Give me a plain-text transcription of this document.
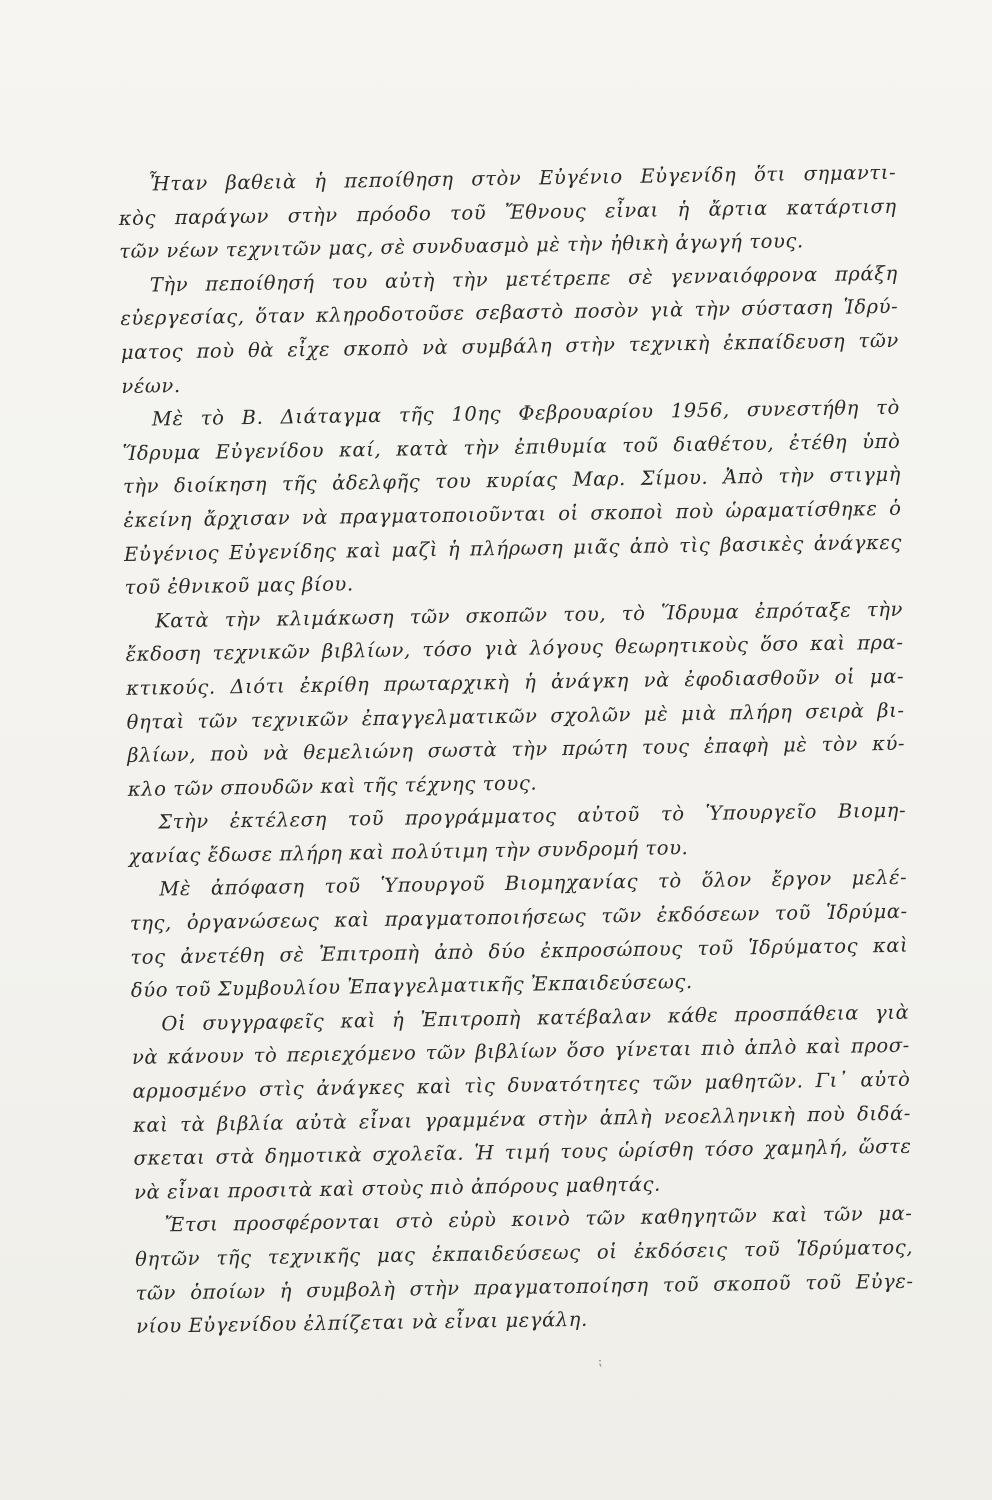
Ἦταν βαθειὰ ἡ πεποίθηση στὸν Εὐγένιο Εὐγενίδη ὅτι σημαντι-
κὸς παράγων στὴν πρόοδο τοῦ Ἔθνους εἶναι ἡ ἄρτια κατάρτιση
τῶν νέων τεχνιτῶν μας, σὲ συνδυασμὸ μὲ τὴν ἠθικὴ ἀγωγή τους.
Τὴν πεποίθησή του αὐτὴ τὴν μετέτρεπε σὲ γενναιόφρονα πράξη
εὐεργεσίας, ὅταν κληροδοτοῦσε σεβαστὸ ποσὸν γιὰ τὴν σύσταση Ἱδρύ-
ματος ποὺ θὰ εἶχε σκοπὸ νὰ συμβάλη στὴν τεχνικὴ ἐκπαίδευση τῶν
νέων.
Μὲ τὸ Β. Διάταγμα τῆς 10ης Φεβρουαρίου 1956, συνεστήθη τὸ
Ἵδρυμα Εὐγενίδου καί, κατὰ τὴν ἐπιθυμία τοῦ διαθέτου, ἐτέθη ὑπὸ
τὴν διοίκηση τῆς ἀδελφῆς του κυρίας Μαρ. Σίμου. Ἀπὸ τὴν στιγμὴ
ἐκείνη ἄρχισαν νὰ πραγματοποιοῦνται οἱ σκοποὶ ποὺ ὡραματίσθηκε ὁ
Εὐγένιος Εὐγενίδης καὶ μαζὶ ἡ πλήρωση μιᾶς ἀπὸ τὶς βασικὲς ἀνάγκες
τοῦ ἐθνικοῦ μας βίου.
Κατὰ τὴν κλιμάκωση τῶν σκοπῶν του, τὸ Ἵδρυμα ἐπρόταξε τὴν
ἔκδοση τεχνικῶν βιβλίων, τόσο γιὰ λόγους θεωρητικοὺς ὅσο καὶ πρα-
κτικούς. Διότι ἐκρίθη πρωταρχικὴ ἡ ἀνάγκη νὰ ἐφοδιασθοῦν οἱ μα-
θηταὶ τῶν τεχνικῶν ἐπαγγελματικῶν σχολῶν μὲ μιὰ πλήρη σειρὰ βι-
βλίων, ποὺ νὰ θεμελιώνη σωστὰ τὴν πρώτη τους ἐπαφὴ μὲ τὸν κύ-
κλο τῶν σπουδῶν καὶ τῆς τέχνης τους.
Στὴν ἐκτέλεση τοῦ προγράμματος αὐτοῦ τὸ Ὑπουργεῖο Βιομη-
χανίας ἔδωσε πλήρη καὶ πολύτιμη τὴν συνδρομή του.
Μὲ ἀπόφαση τοῦ Ὑπουργοῦ Βιομηχανίας τὸ ὅλον ἔργον μελέ-
της, ὀργανώσεως καὶ πραγματοποιήσεως τῶν ἐκδόσεων τοῦ Ἱδρύμα-
τος ἀνετέθη σὲ Ἐπιτροπὴ ἀπὸ δύο ἐκπροσώπους τοῦ Ἱδρύματος καὶ
δύο τοῦ Συμβουλίου Ἐπαγγελματικῆς Ἐκπαιδεύσεως.
Οἱ συγγραφεῖς καὶ ἡ Ἐπιτροπὴ κατέβαλαν κάθε προσπάθεια γιὰ
νὰ κάνουν τὸ περιεχόμενο τῶν βιβλίων ὅσο γίνεται πιὸ ἁπλὸ καὶ προσ-
αρμοσμένο στὶς ἀνάγκες καὶ τὶς δυνατότητες τῶν μαθητῶν. Γι᾽ αὐτὸ
καὶ τὰ βιβλία αὐτὰ εἶναι γραμμένα στὴν ἁπλὴ νεοελληνικὴ ποὺ διδά-
σκεται στὰ δημοτικὰ σχολεῖα. Ἡ τιμή τους ὡρίσθη τόσο χαμηλή, ὥστε
νὰ εἶναι προσιτὰ καὶ στοὺς πιὸ ἀπόρους μαθητάς.
Ἔτσι προσφέρονται στὸ εὐρὺ κοινὸ τῶν καθηγητῶν καὶ τῶν μα-
θητῶν τῆς τεχνικῆς μας ἐκπαιδεύσεως οἱ ἐκδόσεις τοῦ Ἱδρύματος,
τῶν ὁποίων ἡ συμβολὴ στὴν πραγματοποίηση τοῦ σκοποῦ τοῦ Εὐγε-
νίου Εὐγενίδου ἐλπίζεται νὰ εἶναι μεγάλη.
⁏
